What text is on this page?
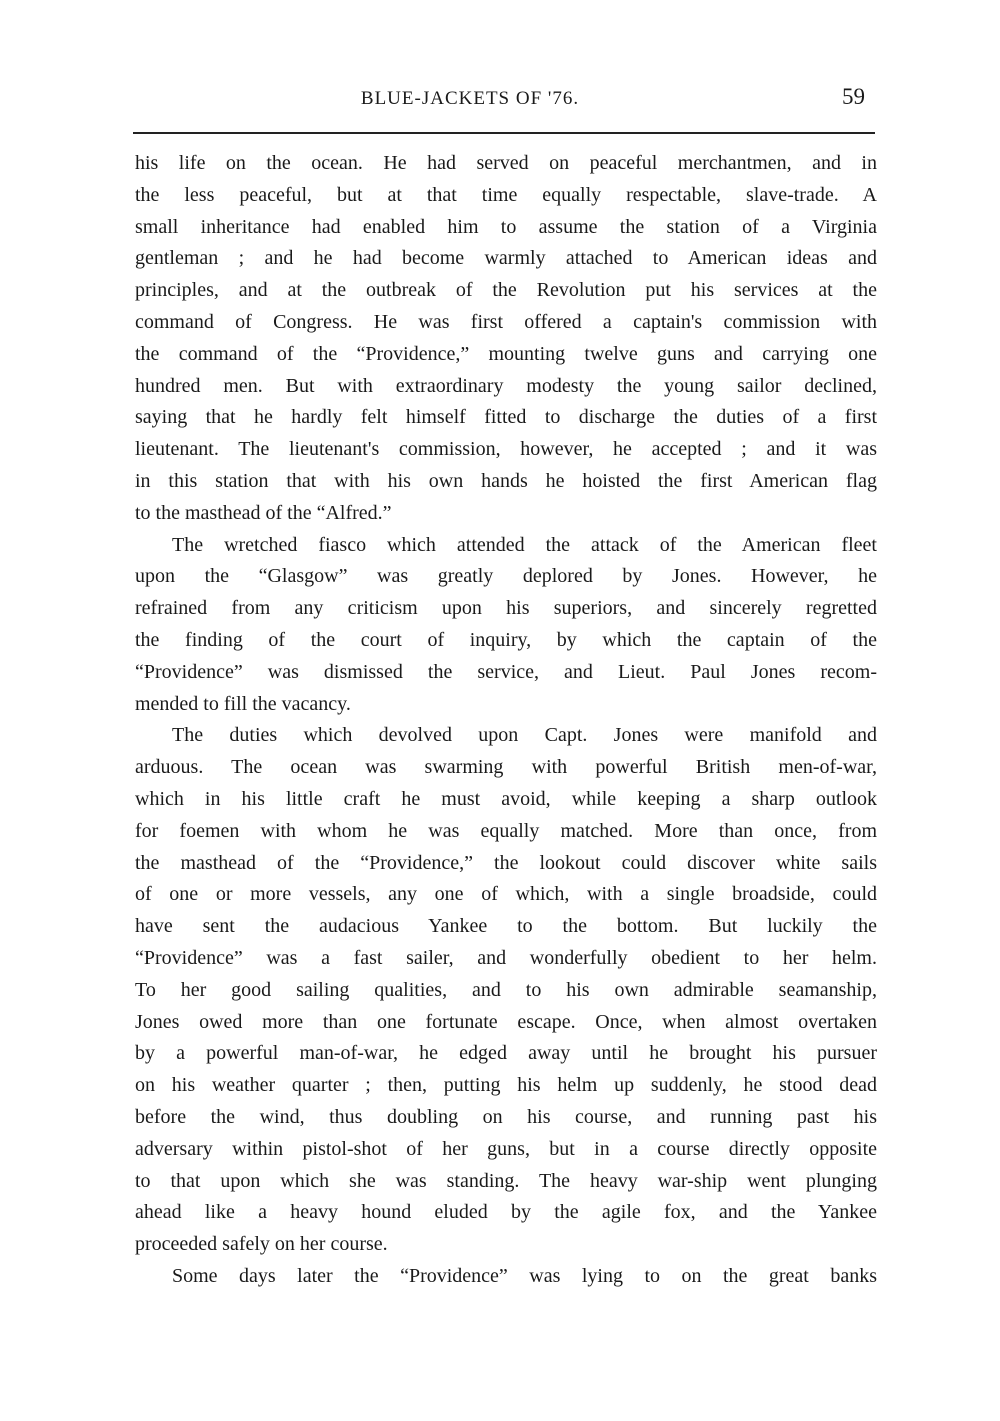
BLUE-JACKETS OF '76.	59
his life on the ocean. He had served on peaceful merchantmen, and in
the less peaceful, but at that time equally respectable, slave-trade. A
small inheritance had enabled him to assume the station of a Virginia
gentleman ; and he had become warmly attached to American ideas and
principles, and at the outbreak of the Revolution put his services at the
command of Congress. He was first offered a captain's commission with
the command of the “Providence,” mounting twelve guns and carrying one
hundred men. But with extraordinary modesty the young sailor declined,
saying that he hardly felt himself fitted to discharge the duties of a first
lieutenant. The lieutenant's commission, however, he accepted ; and it was
in this station that with his own hands he hoisted the first American flag
to the masthead of the “Alfred.”
The wretched fiasco which attended the attack of the American fleet
upon the “Glasgow” was greatly deplored by Jones. However, he
refrained from any criticism upon his superiors, and sincerely regretted
the finding of the court of inquiry, by which the captain of the
“Providence” was dismissed the service, and Lieut. Paul Jones recom-
mended to fill the vacancy.
The duties which devolved upon Capt. Jones were manifold and
arduous. The ocean was swarming with powerful British men-of-war,
which in his little craft he must avoid, while keeping a sharp outlook
for foemen with whom he was equally matched. More than once, from
the masthead of the “Providence,” the lookout could discover white sails
of one or more vessels, any one of which, with a single broadside, could
have sent the audacious Yankee to the bottom. But luckily the
“Providence” was a fast sailer, and wonderfully obedient to her helm.
To her good sailing qualities, and to his own admirable seamanship,
Jones owed more than one fortunate escape. Once, when almost overtaken
by a powerful man-of-war, he edged away until he brought his pursuer
on his weather quarter ; then, putting his helm up suddenly, he stood dead
before the wind, thus doubling on his course, and running past his
adversary within pistol-shot of her guns, but in a course directly opposite
to that upon which she was standing. The heavy war-ship went plunging
ahead like a heavy hound eluded by the agile fox, and the Yankee
proceeded safely on her course.
Some days later the “Providence” was lying to on the great banks
